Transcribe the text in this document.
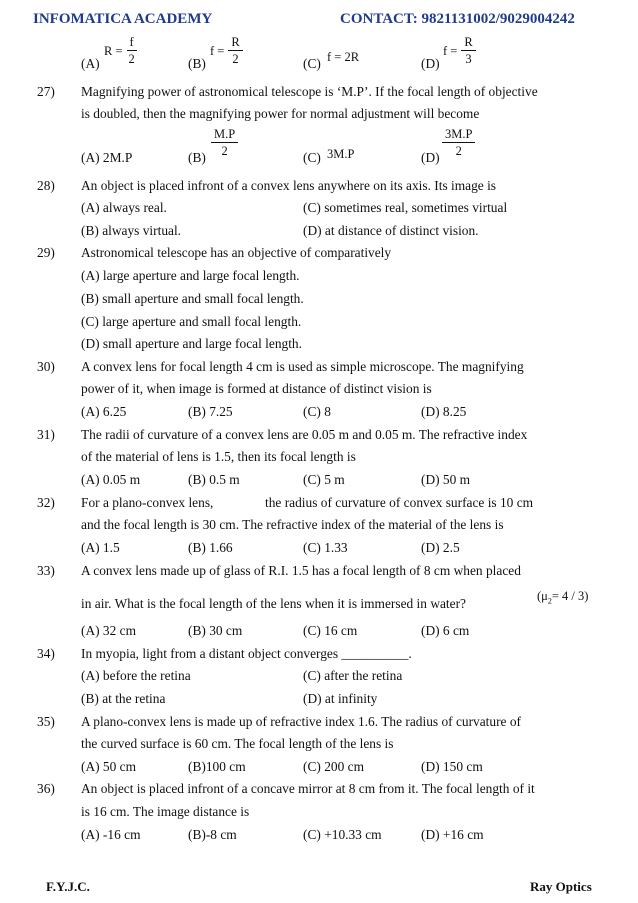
INFOMATICA ACADEMY	CONTACT: 9821131002/9029004242
(A)
$R = \frac{f}{2}$	(B)
$f = \frac{R}{2}$	(C) f = 2R	(D)
$f = \frac{R}{3}$
27) Magnifying power of astronomical telescope is ‘M.P’. If the focal length of objective
is doubled, then the magnifying power for normal adjustment will become
(A) 2M.P	$(B) \frac{M.P}{2}$	(C) 3M.P	$(D) \frac{3M.P}{2}$
28) An object is placed infront of a convex lens anywhere on its axis. Its image is
(A) always real.	(C) sometimes real, sometimes virtual
(B) always virtual.	(D) at distance of distinct vision.
29) Astronomical telescope has an objective of comparatively
(A) large aperture and large focal length.
(B) small aperture and small focal length.
(C) large aperture and small focal length.
(D) small aperture and large focal length.
30) A convex lens for focal length 4 cm is used as simple microscope. The magnifying
power of it, when image is formed at distance of distinct vision is
(A) 6.25	(B) 7.25	(C) 8	(D) 8.25
31) The radii of curvature of a convex lens are 0.05 m and 0.05 m. The refractive index
of the material of lens is 1.5, then its focal length is
(A) 0.05 m	(B) 0.5 m	(C) 5 m	(D) 50 m
32) For a plano-convex lens,	the radius of curvature of convex surface is 10 cm
and the focal length is 30 cm. The refractive index of the material of the lens is
(A) 1.5	(B) 1.66	(C) 1.33	(D) 2.5
33) A convex lens made up of glass of R.I. 1.5 has a focal length of 8 cm when placed
in air. What is the focal length of the lens when it is immersed in water?	$(\mu_2= 4 / 3)$
(A) 32 cm	(B) 30 cm	(C) 16 cm	(D) 6 cm
34) In myopia, light from a distant object converges __________.
(A) before the retina	(C) after the retina
(B) at the retina	(D) at infinity
35) A plano-convex lens is made up of refractive index 1.6. The radius of curvature of
the curved surface is 60 cm. The focal length of the lens is
(A) 50 cm	(B)100 cm	(C) 200 cm	(D) 150 cm
36) An object is placed infront of a concave mirror at 8 cm from it. The focal length of it
is 16 cm. The image distance is
(A) -16 cm	(B)-8 cm	(C) +10.33 cm	(D) +16 cm
F.Y.J.C.	Ray Optics
